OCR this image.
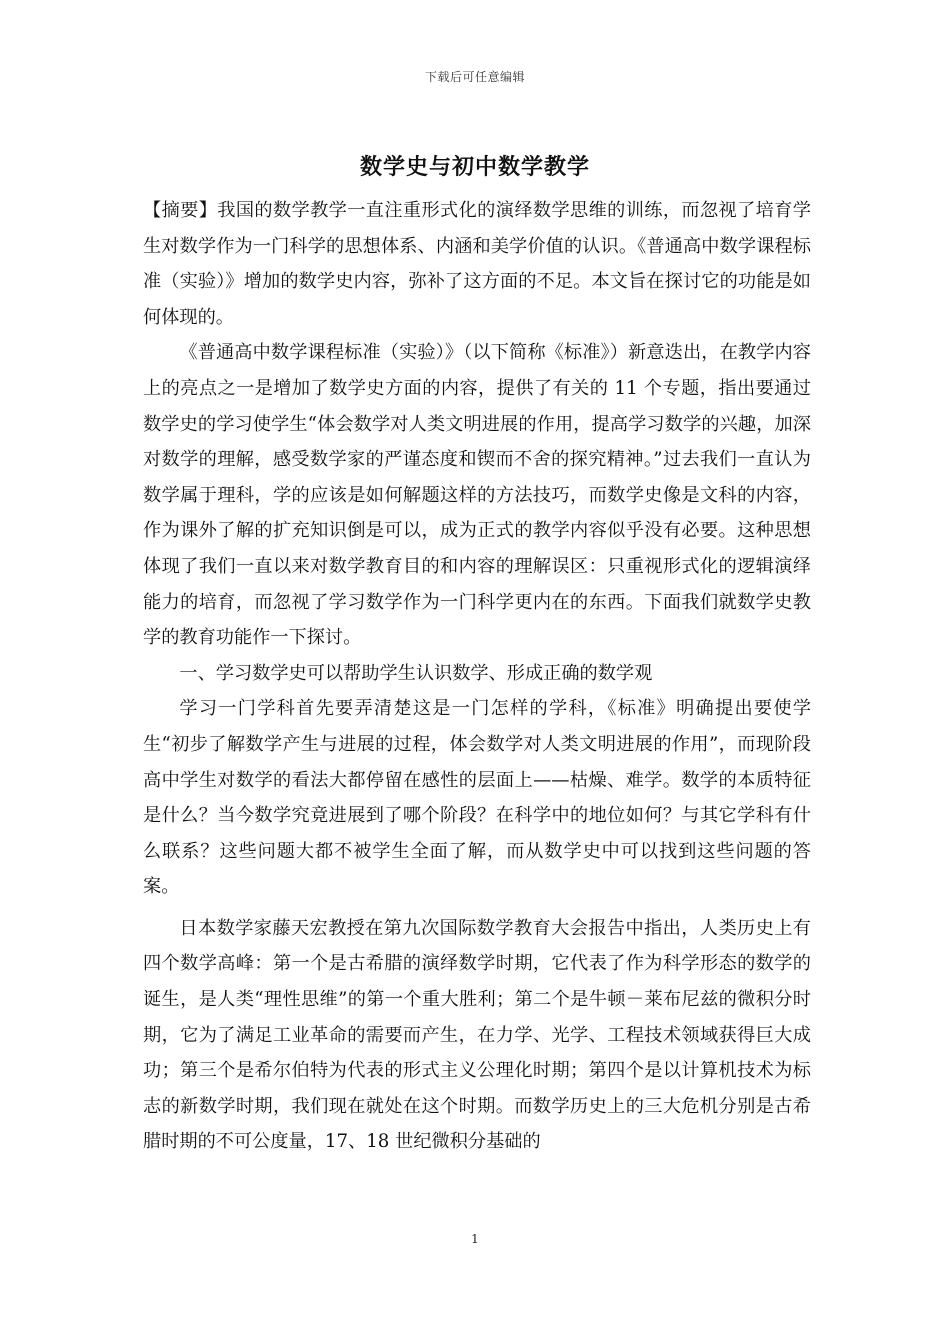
下载后可任意编辑
数学史与初中数学教学

【摘要】我国的数学教学一直注重形式化的演绎数学思维的训练，而忽视了培育学生对数学作为一门科学的思想体系、内涵和美学价值的认识。《普通高中数学课程标准（实验）》增加的数学史内容，弥补了这方面的不足。本文旨在探讨它的功能是如何体现的。

《普通高中数学课程标准（实验）》（以下简称《标准》）新意迭出，在教学内容上的亮点之一是增加了数学史方面的内容，提供了有关的 11 个专题，指出要通过数学史的学习使学生“体会数学对人类文明进展的作用，提高学习数学的兴趣，加深对数学的理解，感受数学家的严谨态度和锲而不舍的探究精神。”过去我们一直认为数学属于理科，学的应该是如何解题这样的方法技巧，而数学史像是文科的内容，作为课外了解的扩充知识倒是可以，成为正式的教学内容似乎没有必要。这种思想体现了我们一直以来对数学教育目的和内容的理解误区：只重视形式化的逻辑演绎能力的培育，而忽视了学习数学作为一门科学更内在的东西。下面我们就数学史教学的教育功能作一下探讨。

一、学习数学史可以帮助学生认识数学、形成正确的数学观

学习一门学科首先要弄清楚这是一门怎样的学科，《标准》明确提出要使学生“初步了解数学产生与进展的过程，体会数学对人类文明进展的作用”，而现阶段高中学生对数学的看法大都停留在感性的层面上——枯燥、难学。数学的本质特征是什么？当今数学究竟进展到了哪个阶段？在科学中的地位如何？与其它学科有什么联系？这些问题大都不被学生全面了解，而从数学史中可以找到这些问题的答案。

日本数学家藤天宏教授在第九次国际数学教育大会报告中指出，人类历史上有四个数学高峰：第一个是古希腊的演绎数学时期，它代表了作为科学形态的数学的诞生，是人类“理性思维”的第一个重大胜利；第二个是牛顿－莱布尼兹的微积分时期，它为了满足工业革命的需要而产生，在力学、光学、工程技术领域获得巨大成功；第三个是希尔伯特为代表的形式主义公理化时期；第四个是以计算机技术为标志的新数学时期，我们现在就处在这个时期。而数学历史上的三大危机分别是古希腊时期的不可公度量，17、18 世纪微积分基础的

1
